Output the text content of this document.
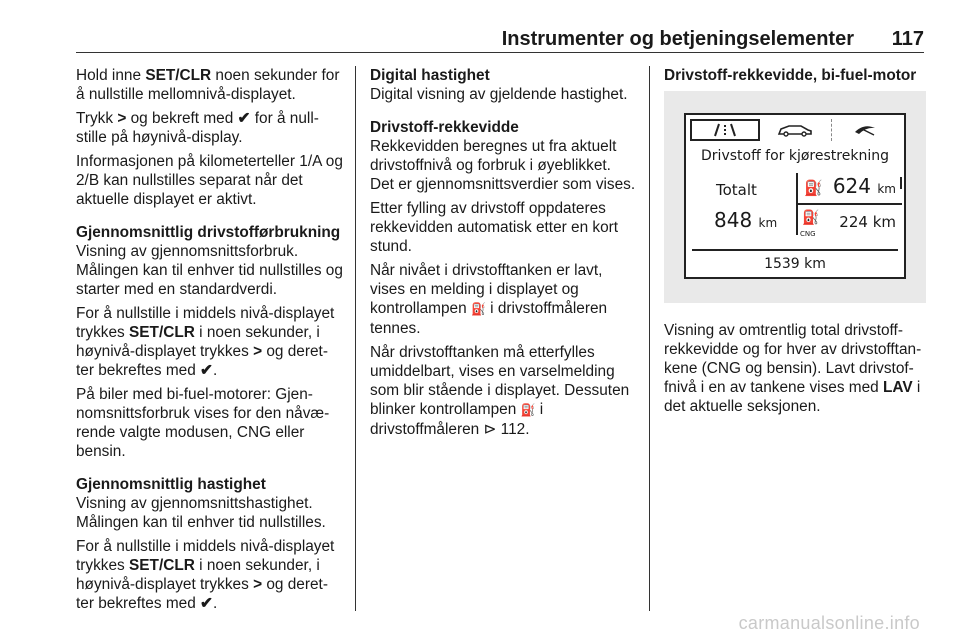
Instrumenter og betjeningselementer 117

Hold inne SET/CLR noen sekunder for å nullstille mellomnivå-displayet.

Trykk > og bekreft med ✔ for å null-stille på høynivå-display.

Informasjonen på kilometerteller 1/A og 2/B kan nullstilles separat når det aktuelle displayet er aktivt.

Gjennomsnittlig drivstofførbrukning

Visning av gjennomsnittsforbruk. Målingen kan til enhver tid nullstilles og starter med en standardverdi.

For å nullstille i middels nivå-displayet trykkes SET/CLR i noen sekunder, i høynivå-displayet trykkes > og deret-ter bekreftes med ✔.

På biler med bi-fuel-motorer: Gjen-nomsnittsforbruk vises for den nåvæ-rende valgte modusen, CNG eller bensin.

Gjennomsnittlig hastighet

Visning av gjennomsnittshastighet. Målingen kan til enhver tid nullstilles.

For å nullstille i middels nivå-displayet trykkes SET/CLR i noen sekunder, i høynivå-displayet trykkes > og deret-ter bekreftes med ✔.

Digital hastighet

Digital visning av gjeldende hastighet.

Drivstoff-rekkevidde

Rekkevidden beregnes ut fra aktuelt drivstoffnivå og forbruk i øyeblikket. Det er gjennomsnittsverdier som vises.

Etter fylling av drivstoff oppdateres rekkevidden automatisk etter en kort stund.

Når nivået i drivstofftanken er lavt, vises en melding i displayet og kontrollampen ⛽ i drivstoffmåleren tennes.

Når drivstofftanken må etterfylles umiddelbart, vises en varselmelding som blir stående i displayet. Dessuten blinker kontrollampen ⛽ i drivstoffmåleren ⊳ 112.

Drivstoff-rekkevidde, bi-fuel-motor

Drivstoff for kjørestrekning
Totalt
848 km
⛽
⛽
CNG
624 km
224 km
1539 km

Visning av omtrentlig total drivstoff-rekkevidde og for hver av drivstofftan-kene (CNG og bensin). Lavt drivstof-fnivå i en av tankene vises med LAV i det aktuelle seksjonen.

carmanualsonline.info
